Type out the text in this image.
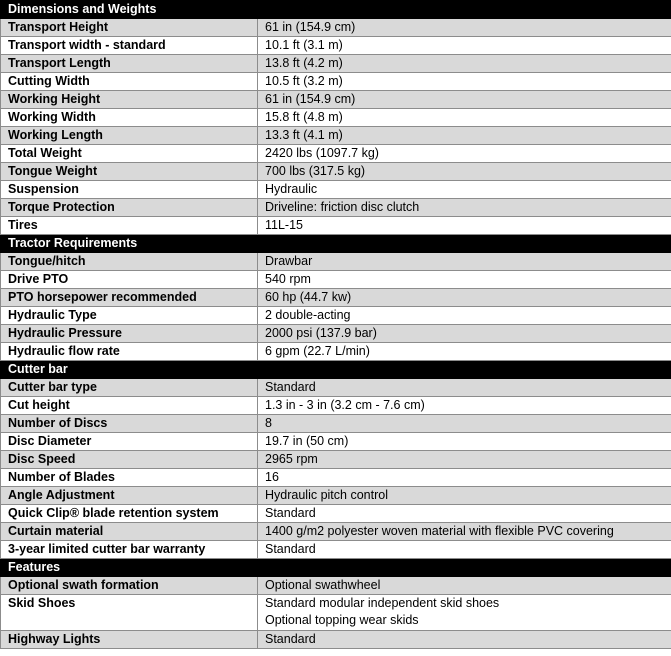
Dimensions and Weights	
Transport Height	61 in (154.9 cm)
Transport width - standard	10.1 ft (3.1 m)
Transport Length	13.8 ft (4.2 m)
Cutting Width	10.5 ft (3.2 m)
Working Height	61 in (154.9 cm)
Working Width	15.8 ft (4.8 m)
Working Length	13.3 ft (4.1 m)
Total Weight	2420 lbs (1097.7 kg)
Tongue Weight	700 lbs (317.5 kg)
Suspension	Hydraulic
Torque Protection	Driveline: friction disc clutch
Tires	11L-15
Tractor Requirements	
Tongue/hitch	Drawbar
Drive PTO	540 rpm
PTO horsepower recommended	60 hp (44.7 kw)
Hydraulic Type	2 double-acting
Hydraulic Pressure	2000 psi (137.9 bar)
Hydraulic flow rate	6 gpm (22.7 L/min)
Cutter bar	
Cutter bar type	Standard
Cut height	1.3 in - 3 in (3.2 cm - 7.6 cm)
Number of Discs	8
Disc Diameter	19.7 in (50 cm)
Disc Speed	2965 rpm
Number of Blades	16
Angle Adjustment	Hydraulic pitch control
Quick Clip® blade retention system	Standard
Curtain material	1400 g/m2 polyester woven material with flexible PVC covering
3-year limited cutter bar warranty	Standard
Features	
Optional swath formation	Optional swathwheel
Skid Shoes	Standard modular independent skid shoes
Optional topping wear skids

Highway Lights	Standard
